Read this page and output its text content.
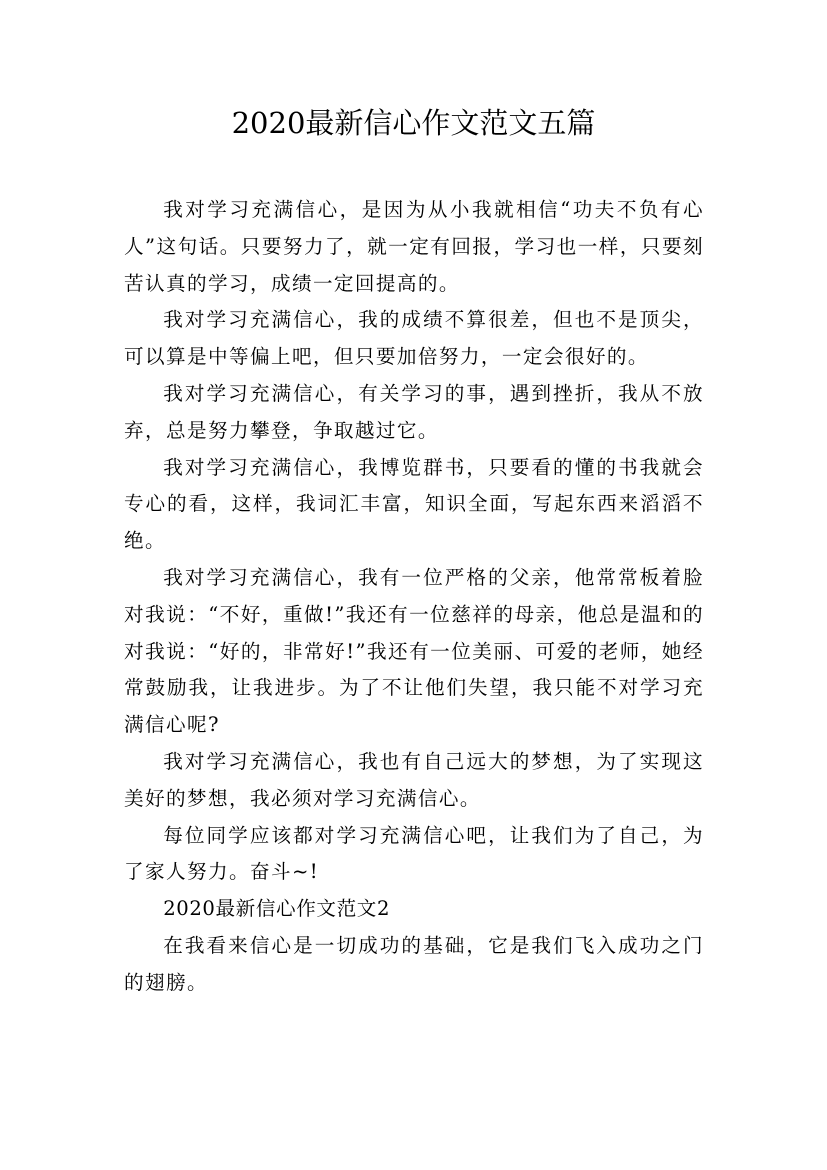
2020最新信心作文范文五篇

我对学习充满信心，是因为从小我就相信“功夫不负有心人”这句话。只要努力了，就一定有回报，学习也一样，只要刻苦认真的学习，成绩一定回提高的。

我对学习充满信心，我的成绩不算很差，但也不是顶尖，可以算是中等偏上吧，但只要加倍努力，一定会很好的。

我对学习充满信心，有关学习的事，遇到挫折，我从不放弃，总是努力攀登，争取越过它。

我对学习充满信心，我博览群书，只要看的懂的书我就会专心的看，这样，我词汇丰富，知识全面，写起东西来滔滔不绝。

我对学习充满信心，我有一位严格的父亲，他常常板着脸对我说：“不好，重做!”我还有一位慈祥的母亲，他总是温和的对我说：“好的，非常好!”我还有一位美丽、可爱的老师，她经常鼓励我，让我进步。为了不让他们失望，我只能不对学习充满信心呢?

我对学习充满信心，我也有自己远大的梦想，为了实现这美好的梦想，我必须对学习充满信心。

每位同学应该都对学习充满信心吧，让我们为了自己，为了家人努力。奋斗~!

2020最新信心作文范文2

在我看来信心是一切成功的基础，它是我们飞入成功之门的翅膀。
